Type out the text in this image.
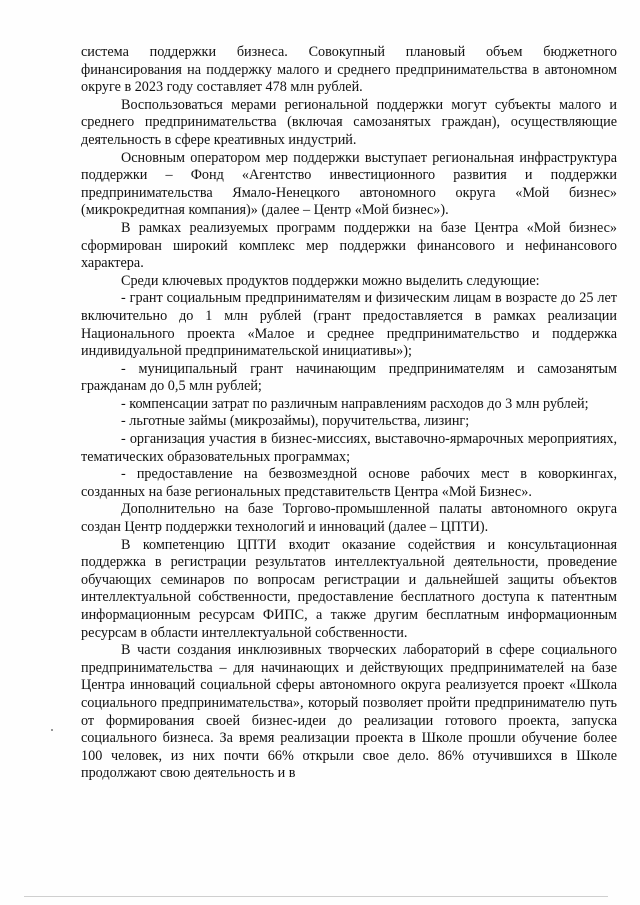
система поддержки бизнеса. Совокупный плановый объем бюджетного финансирования на поддержку малого и среднего предпринимательства в автономном округе в 2023 году составляет 478 млн рублей.

Воспользоваться мерами региональной поддержки могут субъекты малого и среднего предпринимательства (включая самозанятых граждан), осуществляющие деятельность в сфере креативных индустрий.

Основным оператором мер поддержки выступает региональная инфраструктура поддержки – Фонд «Агентство инвестиционного развития и поддержки предпринимательства Ямало-Ненецкого автономного округа «Мой бизнес» (микрокредитная компания)» (далее – Центр «Мой бизнес»).

В рамках реализуемых программ поддержки на базе Центра «Мой бизнес» сформирован широкий комплекс мер поддержки финансового и нефинансового характера.

Среди ключевых продуктов поддержки можно выделить следующие:

- грант социальным предпринимателям и физическим лицам в возрасте до 25 лет включительно до 1 млн рублей (грант предоставляется в рамках реализации Национального проекта «Малое и среднее предпринимательство и поддержка индивидуальной предпринимательской инициативы»);

- муниципальный грант начинающим предпринимателям и самозанятым гражданам до 0,5 млн рублей;

- компенсации затрат по различным направлениям расходов до 3 млн рублей;

- льготные займы (микрозаймы), поручительства, лизинг;

- организация участия в бизнес-миссиях, выставочно-ярмарочных мероприятиях, тематических образовательных программах;

- предоставление на безвозмездной основе рабочих мест в коворкингах, созданных на базе региональных представительств Центра «Мой Бизнес».

Дополнительно на базе Торгово-промышленной палаты автономного округа создан Центр поддержки технологий и инноваций (далее – ЦПТИ).

В компетенцию ЦПТИ входит оказание содействия и консультационная поддержка в регистрации результатов интеллектуальной деятельности, проведение обучающих семинаров по вопросам регистрации и дальнейшей защиты объектов интеллектуальной собственности, предоставление бесплатного доступа к патентным информационным ресурсам ФИПС, а также другим бесплатным информационным ресурсам в области интеллектуальной собственности.

В части создания инклюзивных творческих лабораторий в сфере социального предпринимательства – для начинающих и действующих предпринимателей на базе Центра инноваций социальной сферы автономного округа реализуется проект «Школа социального предпринимательства», который позволяет пройти предпринимателю путь от формирования своей бизнес-идеи до реализации готового проекта, запуска социального бизнеса. За время реализации проекта в Школе прошли обучение более 100 человек, из них почти 66% открыли свое дело. 86% отучившихся в Школе продолжают свою деятельность и в
